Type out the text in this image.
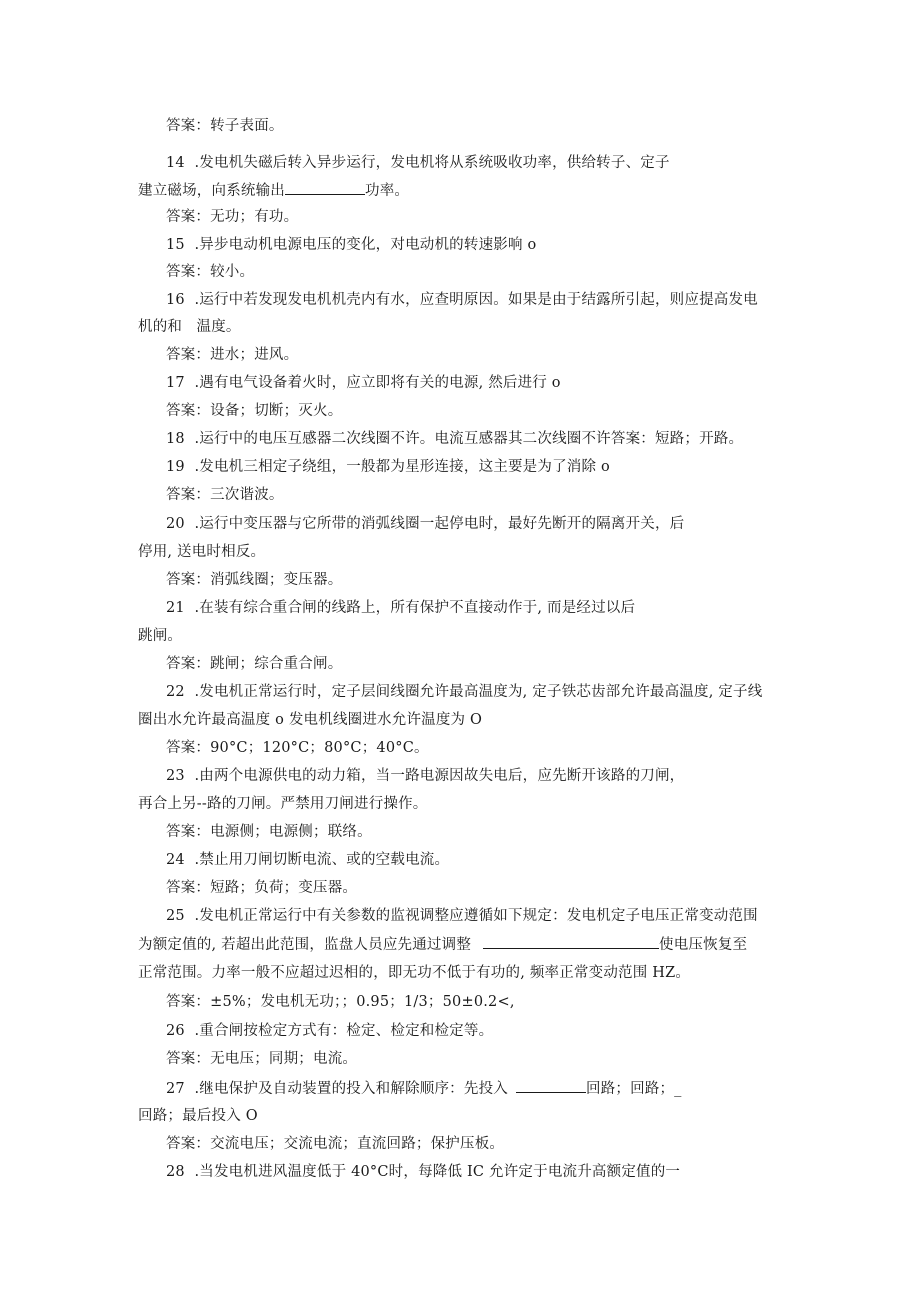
答案：转子表面。
14  .发电机失磁后转入异步运行，发电机将从系统吸收功率，供给转子、定子
建立磁场，向系统输出	功率。
答案：无功；有功。
15  .异步电动机电源电压的变化，对电动机的转速影响 o
答案：较小。
16  .运行中若发现发电机机壳内有水，应查明原因。如果是由于结露所引起，则应提高发电
机的和   温度。
答案：进水；进风。
17  .遇有电气设备着火时，应立即将有关的电源, 然后进行 o
答案：设备；切断；灭火。
18  .运行中的电压互感器二次线圈不许。电流互感器其二次线圈不许答案：短路；开路。
19  .发电机三相定子绕组，一般都为星形连接，这主要是为了消除 o
答案：三次谐波。
20  .运行中变压器与它所带的消弧线圈一起停电时，最好先断开的隔离开关，后
停用, 送电时相反。
答案：消弧线圈；变压器。
21  .在装有综合重合闸的线路上，所有保护不直接动作于, 而是经过以后
跳闸。
答案：跳闸；综合重合闸。
22  .发电机正常运行时，定子层间线圈允许最高温度为, 定子铁芯齿部允许最高温度, 定子线
圈出水允许最高温度 o 发电机线圈进水允许温度为 O
答案：90°C；120°C；80°C；40°C。
23  .由两个电源供电的动力箱，当一路电源因故失电后，应先断开该路的刀闸，
再合上另--路的刀闸。严禁用刀闸进行操作。
答案：电源侧；电源侧；联络。
24  .禁止用刀闸切断电流、或的空载电流。
答案：短路；负荷；变压器。
25  .发电机正常运行中有关参数的监视调整应遵循如下规定：发电机定子电压正常变动范围
为额定值的, 若超出此范围，监盘人员应先通过调整	使电压恢复至
正常范围。力率一般不应超过迟相的，即无功不低于有功的, 频率正常变动范围 HZ。
答案：±5%；发电机无功；；0.95；1/3；50±0.2<,
26  .重合闸按检定方式有：检定、检定和检定等。
答案：无电压；同期；电流。
27  .继电保护及自动装置的投入和解除顺序：先投入	回路；回路；_
回路；最后投入 O
答案：交流电压；交流电流；直流回路；保护压板。
28  .当发电机进风温度低于 40°C时，每降低 IC 允许定于电流升高额定值的一
